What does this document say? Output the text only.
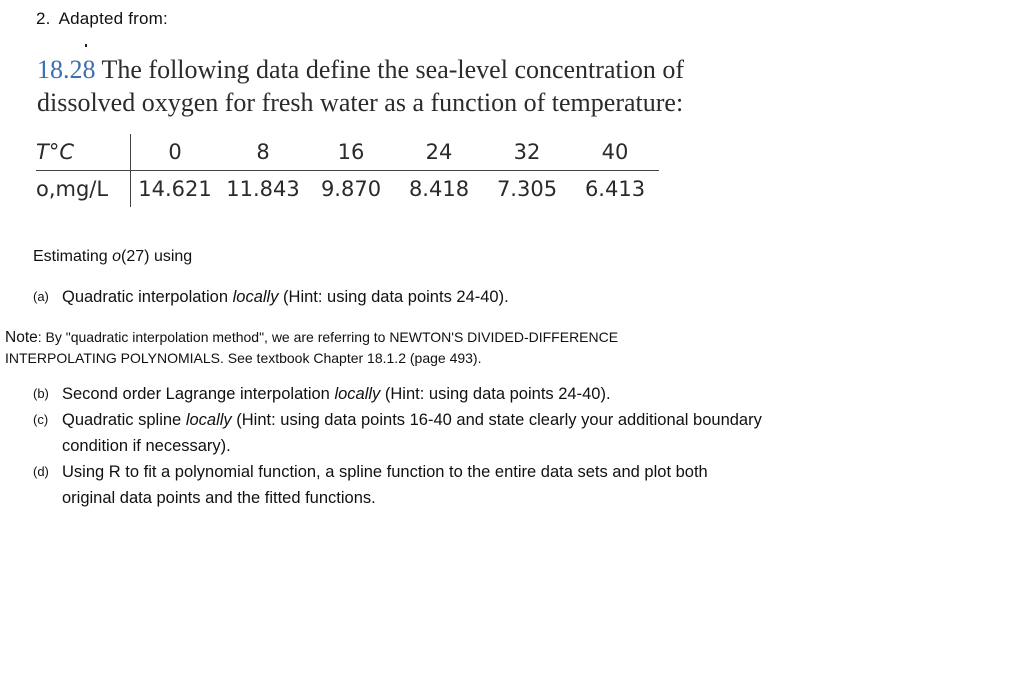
2. Adapted from:
18.28 The following data define the sea-level concentration of dissolved oxygen for fresh water as a function of temperature:
T°C	0	8	16	24	32	40
o,mg/L	14.621	11.843	9.870	8.418	7.305	6.413
Estimating o(27) using
(a) Quadratic interpolation locally (Hint: using data points 24-40).
Note: By "quadratic interpolation method", we are referring to NEWTON'S DIVIDED-DIFFERENCE INTERPOLATING POLYNOMIALS. See textbook Chapter 18.1.2 (page 493).
(b) Second order Lagrange interpolation locally (Hint: using data points 24-40).
(c) Quadratic spline locally (Hint: using data points 16-40 and state clearly your additional boundary condition if necessary).
(d) Using R to fit a polynomial function, a spline function to the entire data sets and plot both original data points and the fitted functions.
